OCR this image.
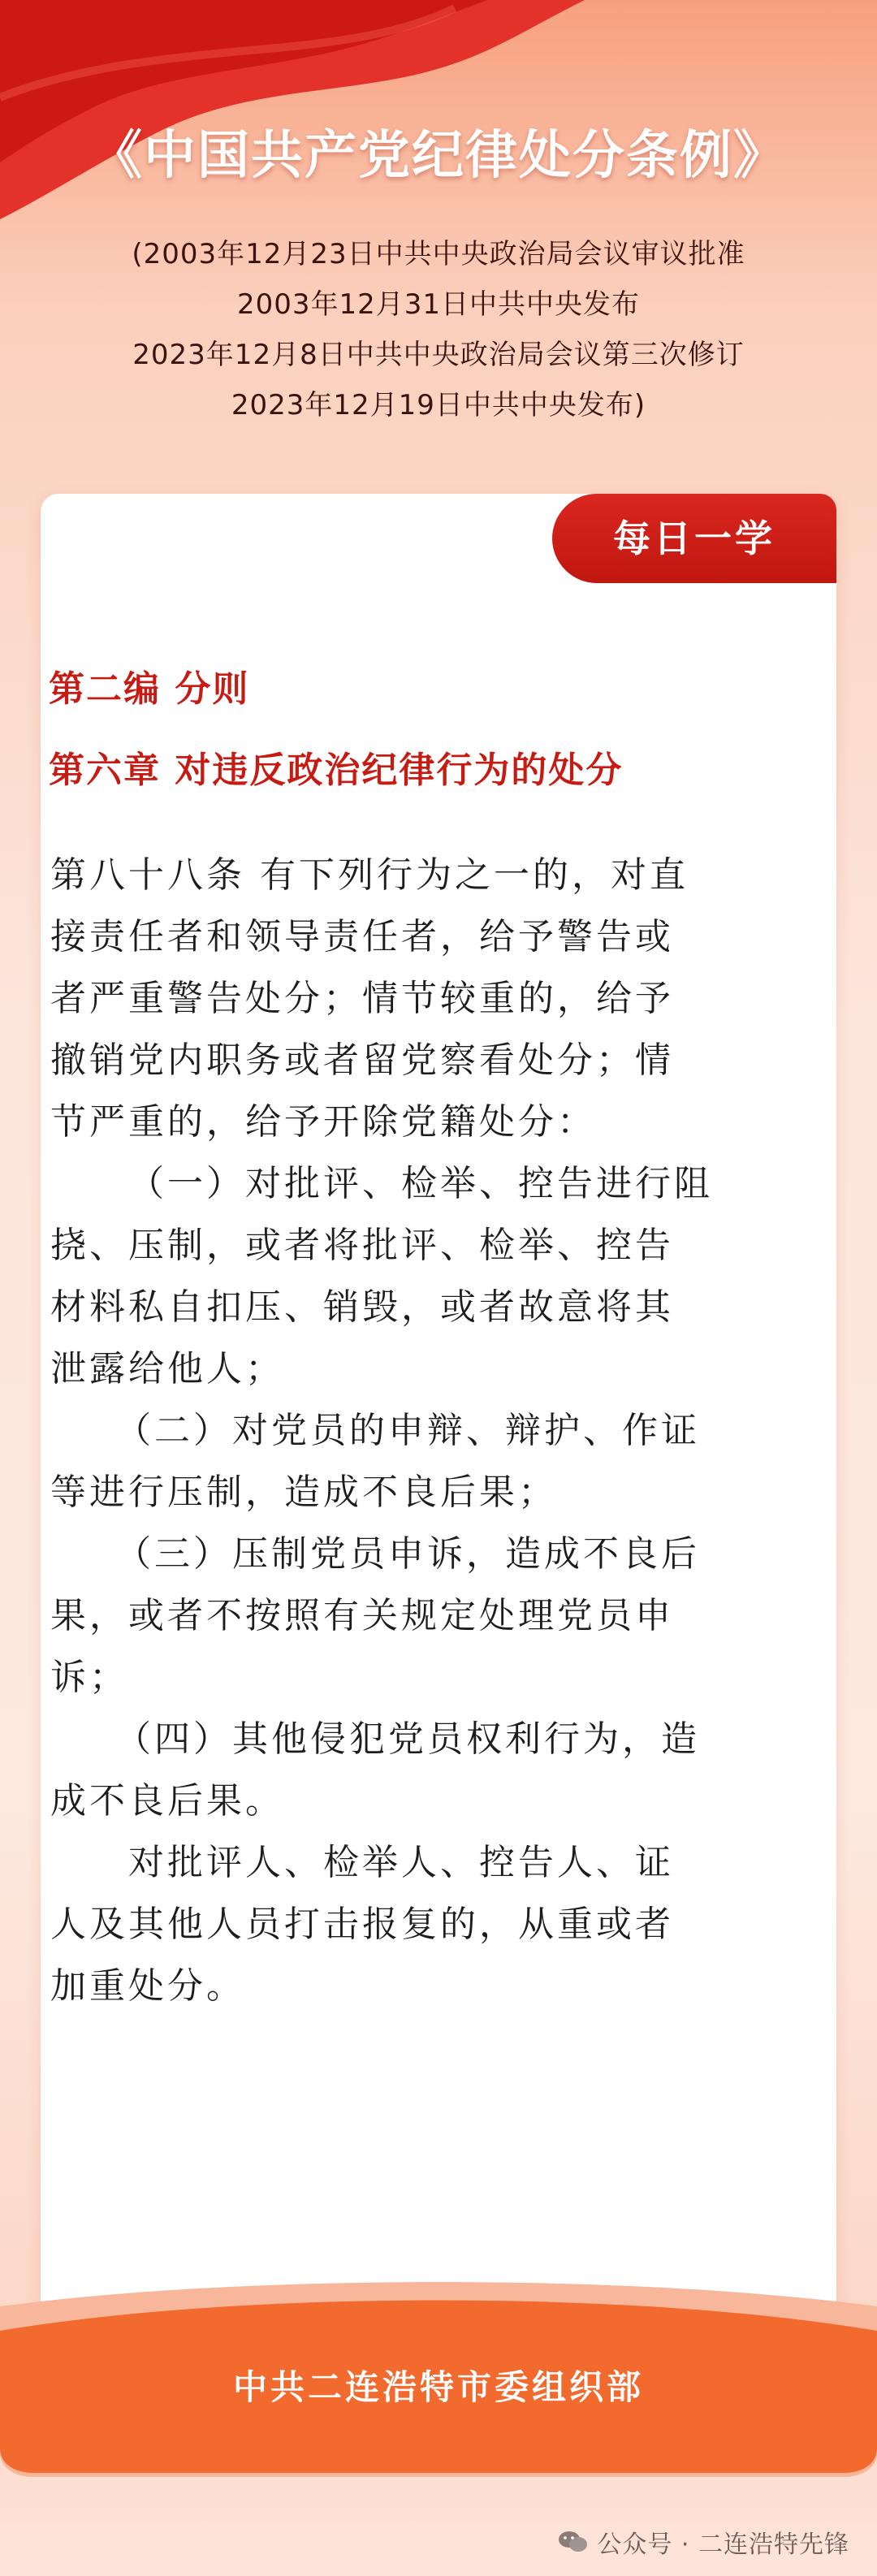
《中国共产党纪律处分条例》
(2003年12月23日中共中央政治局会议审议批准
2003年12月31日中共中央发布
2023年12月8日中共中央政治局会议第三次修订
2023年12月19日中共中央发布)
每日一学
第二编 分则
第六章 对违反政治纪律行为的处分

第八十八条 有下列行为之一的，对直

接责任者和领导责任者，给予警告或

者严重警告处分；情节较重的，给予

撤销党内职务或者留党察看处分；情

节严重的，给予开除党籍处分：

（一）对批评、检举、控告进行阻

挠、压制，或者将批评、检举、控告

材料私自扣压、销毁，或者故意将其

泄露给他人；

（二）对党员的申辩、辩护、作证

等进行压制，造成不良后果；

（三）压制党员申诉，造成不良后

果，或者不按照有关规定处理党员申

诉；

（四）其他侵犯党员权利行为，造

成不良后果。

对批评人、检举人、控告人、证

人及其他人员打击报复的，从重或者

加重处分。

中共二连浩特市委组织部
公众号 · 二连浩特先锋
